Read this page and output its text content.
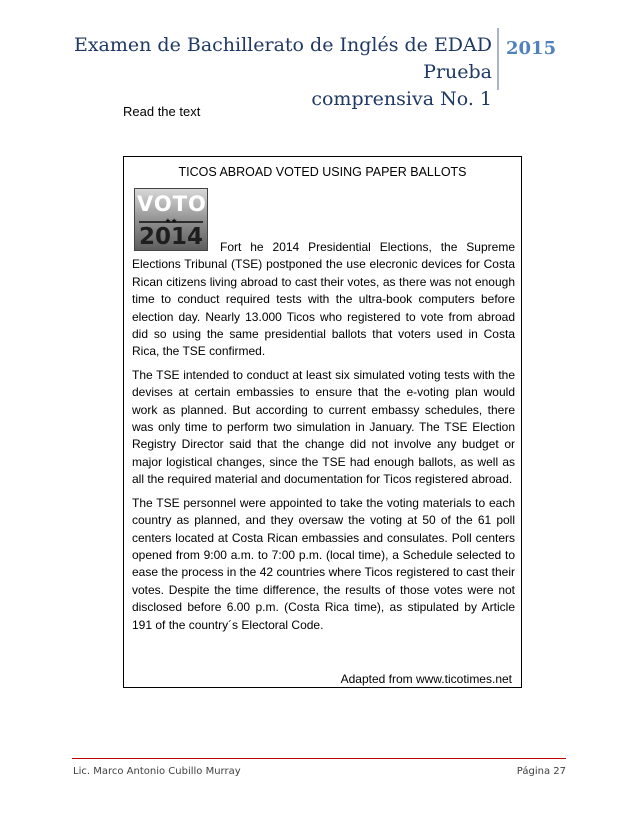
Examen de Bachillerato de Inglés de EDAD Prueba
comprensiva No. 1
2015
Read the text
TICOS ABROAD VOTED USING PAPER BALLOTS
VOTO
★★
2014	Fort he 2014 Presidential Elections, the Supreme Elections Tribunal (TSE) postponed the use elecronic devices for Costa Rican citizens living abroad to cast their votes, as there was not enough time to conduct required tests with the ultra-book computers before election day. Nearly 13.000 Ticos who registered to vote from abroad did so using the same presidential ballots that voters used in Costa Rica, the TSE confirmed.

The TSE intended to conduct at least six simulated voting tests with the devises at certain embassies to ensure that the e-voting plan would work as planned. But according to current embassy schedules, there was only time to perform two simulation in January. The TSE Election Registry Director said that the change did not involve any budget or major logistical changes, since the TSE had enough ballots, as well as all the required material and documentation for Ticos registered abroad.

The TSE personnel were appointed to take the voting materials to each country as planned, and they oversaw the voting at 50 of the 61 poll centers located at Costa Rican embassies and consulates. Poll centers opened from 9:00 a.m. to 7:00 p.m. (local time), a Schedule selected to ease the process in the 42 countries where Ticos registered to cast their votes. Despite the time difference, the results of those votes were not disclosed before 6.00 p.m. (Costa Rica time), as stipulated by Article 191 of the country´s Electoral Code.

Adapted from www.ticotimes.net
Lic. Marco Antonio Cubillo Murray	Página 27
